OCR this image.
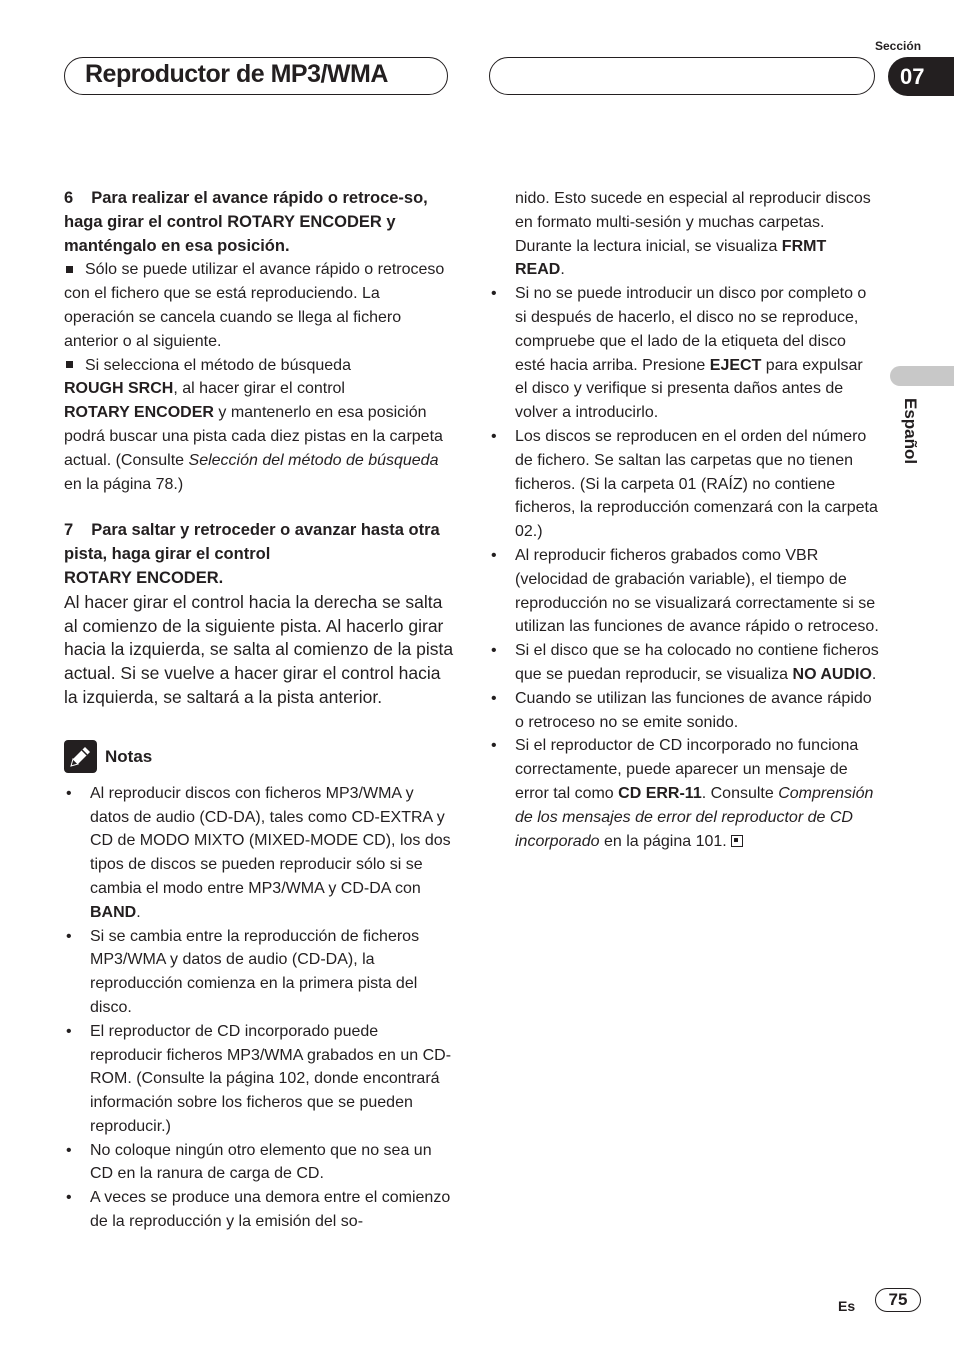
Reproductor de MP3/WMA
Sección
07
Español

6 Para realizar el avance rápido o retroce-so, haga girar el control ROTARY ENCODER y manténgalo en esa posición.

Sólo se puede utilizar el avance rápido o retroceso con el fichero que se está reproduciendo. La operación se cancela cuando se llega al fichero anterior o al siguiente.

Si selecciona el método de búsqueda
ROUGH SRCH, al hacer girar el control
ROTARY ENCODER y mantenerlo en esa posición podrá buscar una pista cada diez pistas en la carpeta actual. (Consulte Selección del método de búsqueda en la página 78.)

7 Para saltar y retroceder o avanzar hasta otra pista, haga girar el control
ROTARY ENCODER.

Al hacer girar el control hacia la derecha se salta al comienzo de la siguiente pista. Al hacerlo girar hacia la izquierda, se salta al comienzo de la pista actual. Si se vuelve a hacer girar el control hacia la izquierda, se saltará a la pista anterior.

Notas
• Al reproducir discos con ficheros MP3/WMA y datos de audio (CD-DA), tales como CD-EXTRA y CD de MODO MIXTO (MIXED-MODE CD), los dos tipos de discos se pueden reproducir sólo si se cambia el modo entre MP3/WMA y CD-DA con BAND.
• Si se cambia entre la reproducción de ficheros MP3/WMA y datos de audio (CD-DA), la reproducción comienza en la primera pista del disco.
• El reproductor de CD incorporado puede reproducir ficheros MP3/WMA grabados en un CD-ROM. (Consulte la página 102, donde encontrará información sobre los ficheros que se pueden reproducir.)
• No coloque ningún otro elemento que no sea un CD en la ranura de carga de CD.
• A veces se produce una demora entre el comienzo de la reproducción y la emisión del so-

nido. Esto sucede en especial al reproducir discos en formato multi-sesión y muchas carpetas. Durante la lectura inicial, se visualiza FRMT READ.

• Si no se puede introducir un disco por completo o si después de hacerlo, el disco no se reproduce, compruebe que el lado de la etiqueta del disco esté hacia arriba. Presione EJECT para expulsar el disco y verifique si presenta daños antes de volver a introducirlo.
• Los discos se reproducen en el orden del número de fichero. Se saltan las carpetas que no tienen ficheros. (Si la carpeta 01 (RAÍZ) no contiene ficheros, la reproducción comenzará con la carpeta 02.)
• Al reproducir ficheros grabados como VBR (velocidad de grabación variable), el tiempo de reproducción no se visualizará correctamente si se utilizan las funciones de avance rápido o retroceso.
• Si el disco que se ha colocado no contiene ficheros que se puedan reproducir, se visualiza NO AUDIO.
• Cuando se utilizan las funciones de avance rápido o retroceso no se emite sonido.
• Si el reproductor de CD incorporado no funciona correctamente, puede aparecer un mensaje de error tal como CD ERR-11. Consulte Comprensión de los mensajes de error del reproductor de CD incorporado en la página 101.
Es	75
